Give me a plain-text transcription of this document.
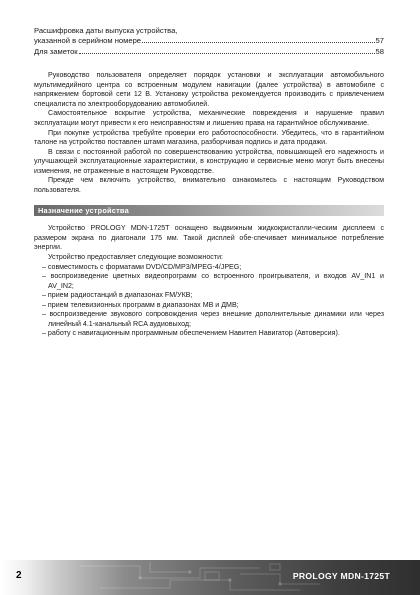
Расшифровка даты выпуска устройства,
указанной в серийном номере	57
Для заметок	58

Руководство пользователя определяет порядок установки и эксплуатации автомобильного мультимедийного центра со встроенным модулем навигации (далее устройства) в автомобиле с напряжением бортовой сети 12 В. Установку устройства рекомендуется производить с привлечением специалиста по электрооборудованию автомобилей.

Самостоятельное вскрытие устройства, механические повреждения и нарушение правил эксплуатации могут привести к его неисправностям и лишению права на гарантийное обслуживание.

При покупке устройства требуйте проверки его работоспособности. Убедитесь, что в гарантийном талоне на устройство поставлен штамп магазина, разборчивая подпись и дата продажи.

В связи с постоянной работой по совершенствованию устройства, повышающей его надежность и улучшающей эксплуатационные характеристики, в конструкцию и сервисные меню могут быть внесены изменения, не отраженные в настоящем Руководстве.

Прежде чем включить устройство, внимательно ознакомьтесь с настоящим Руководством пользователя.

Назначение устройства

Устройство PROLOGY MDN-1725T оснащено выдвижным жидкокристалли-ческим дисплеем с размером экрана по диагонали 175 мм. Такой дисплей обе-спечивает минимальное потребление энергии.

Устройство предоставляет следующие возможности:

– совместимость с форматами DVD/CD/MP3/MPEG-4/JPEG;

– воспроизведение цветных видеопрограмм со встроенного проигрывателя, и входов AV_IN1 и AV_IN2;

– прием радиостанций в диапазонах FM/УКВ;

– прием телевизионных программ в диапазонах МВ и ДМВ;

– воспроизведение звукового сопровождения через внешние дополнительные динамики или через линейный 4.1-канальный RCA аудиовыход;

– работу с навигационным программным обеспечением Навител Навигатор (Автоверсия).

2	PROLOGY MDN-1725T
